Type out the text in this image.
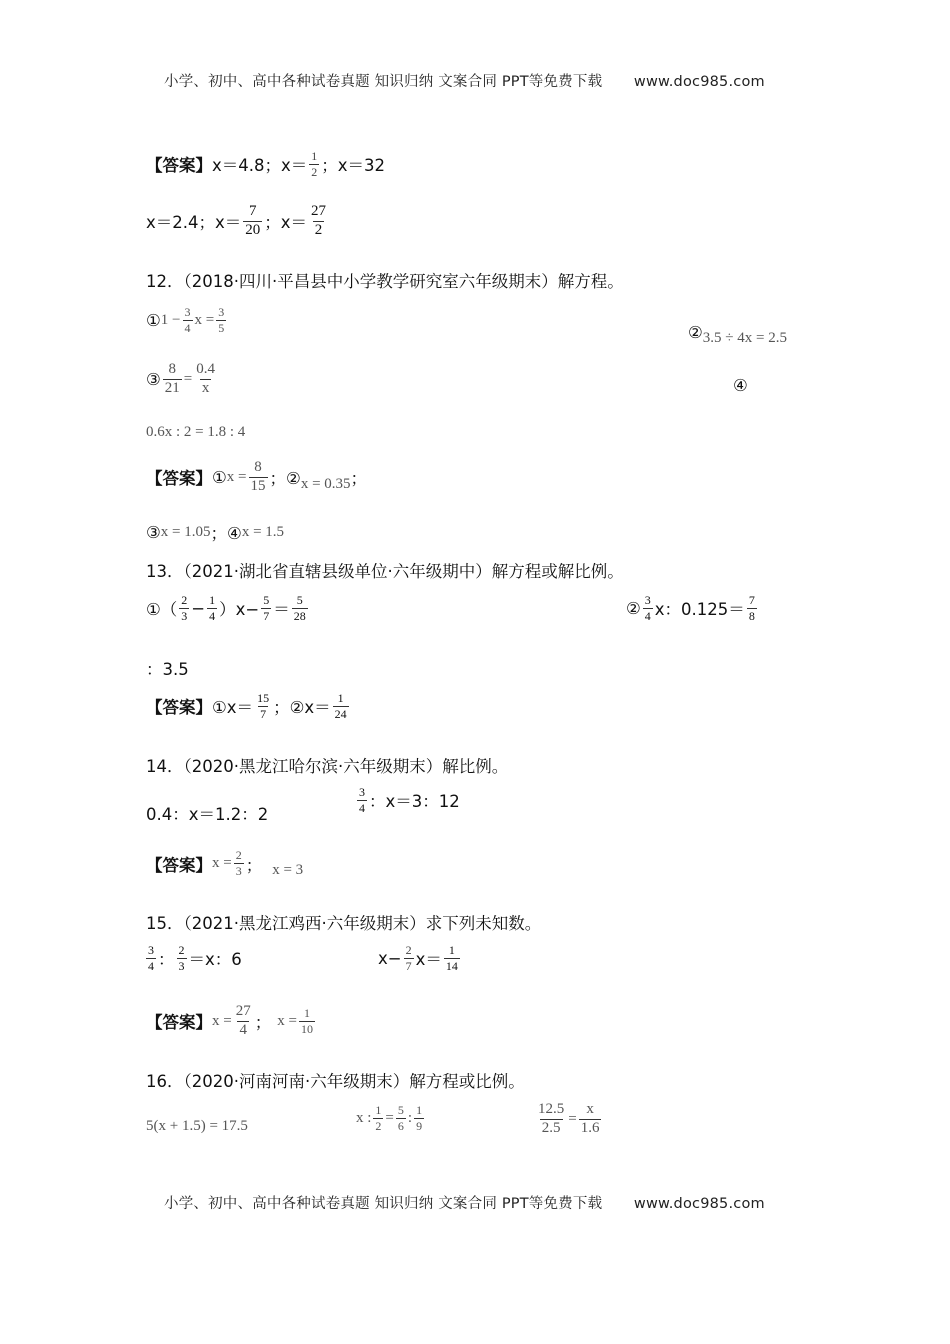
小学、初中、高中各种试卷真题 知识归纳 文案合同 PPT等免费下载 www.doc985.com
【答案】 x＝4.8；$x= \frac{1}{2}$ ；x＝32
x＝2.4；$x= \frac{7}{20}$ ；$x= \frac{27}{2}$
12．（2018·四川·平昌县中小学教学研究室六年级期末）解方程。
① $1 - \frac{3}{4}$ $x = \frac{3}{5}$	② 3.5 ÷ 4x = 2.5
③ $\frac{8}{21} = \frac{0.4}{x}$	④
0.6x : 2 = 1.8 : 4
【答案】 ① $x = \frac{8}{15}$ ；② x = 0.35 ；
③ x = 1.05 ；④ x = 1.5
13．（2021·湖北省直辖县级单位·六年级期中）解方程或解比例。
①（ $\frac{2}{3} - \frac{1}{4} )x- \frac{5}{7} = \frac{5}{28}$	② $\frac{3}{4}$ x：$0.125= \frac{7}{8}$
：3.5
【答案】 ①x＝ $\frac{15}{7}$ ；②x＝ $\frac{1}{24}$
14．（2020·黑龙江哈尔滨·六年级期末）解比例。
0.4：x＝1.2：2
$\frac{3}{4}$ ：x＝3：12
【答案】 $x = \frac{2}{3}$ ； x = 3
15．（2021·黑龙江鸡西·六年级期末）求下列未知数。
$\frac{3}{4}$ ： $\frac{2}{3} =x$：6	$x- \frac{2}{7} x= \frac{1}{14}$
【答案】 $x = \frac{27}{4}$ ； $x = \frac{1}{10}$
16．（2020·河南河南·六年级期末）解方程或比例。
5(x + 1.5) = 17.5
x : $\frac{1}{2} = \frac{5}{6}$ : $\frac{1}{9}$	$\frac{12.5}{2.5} = \frac{x}{1.6}$
小学、初中、高中各种试卷真题 知识归纳 文案合同 PPT等免费下载 www.doc985.com
